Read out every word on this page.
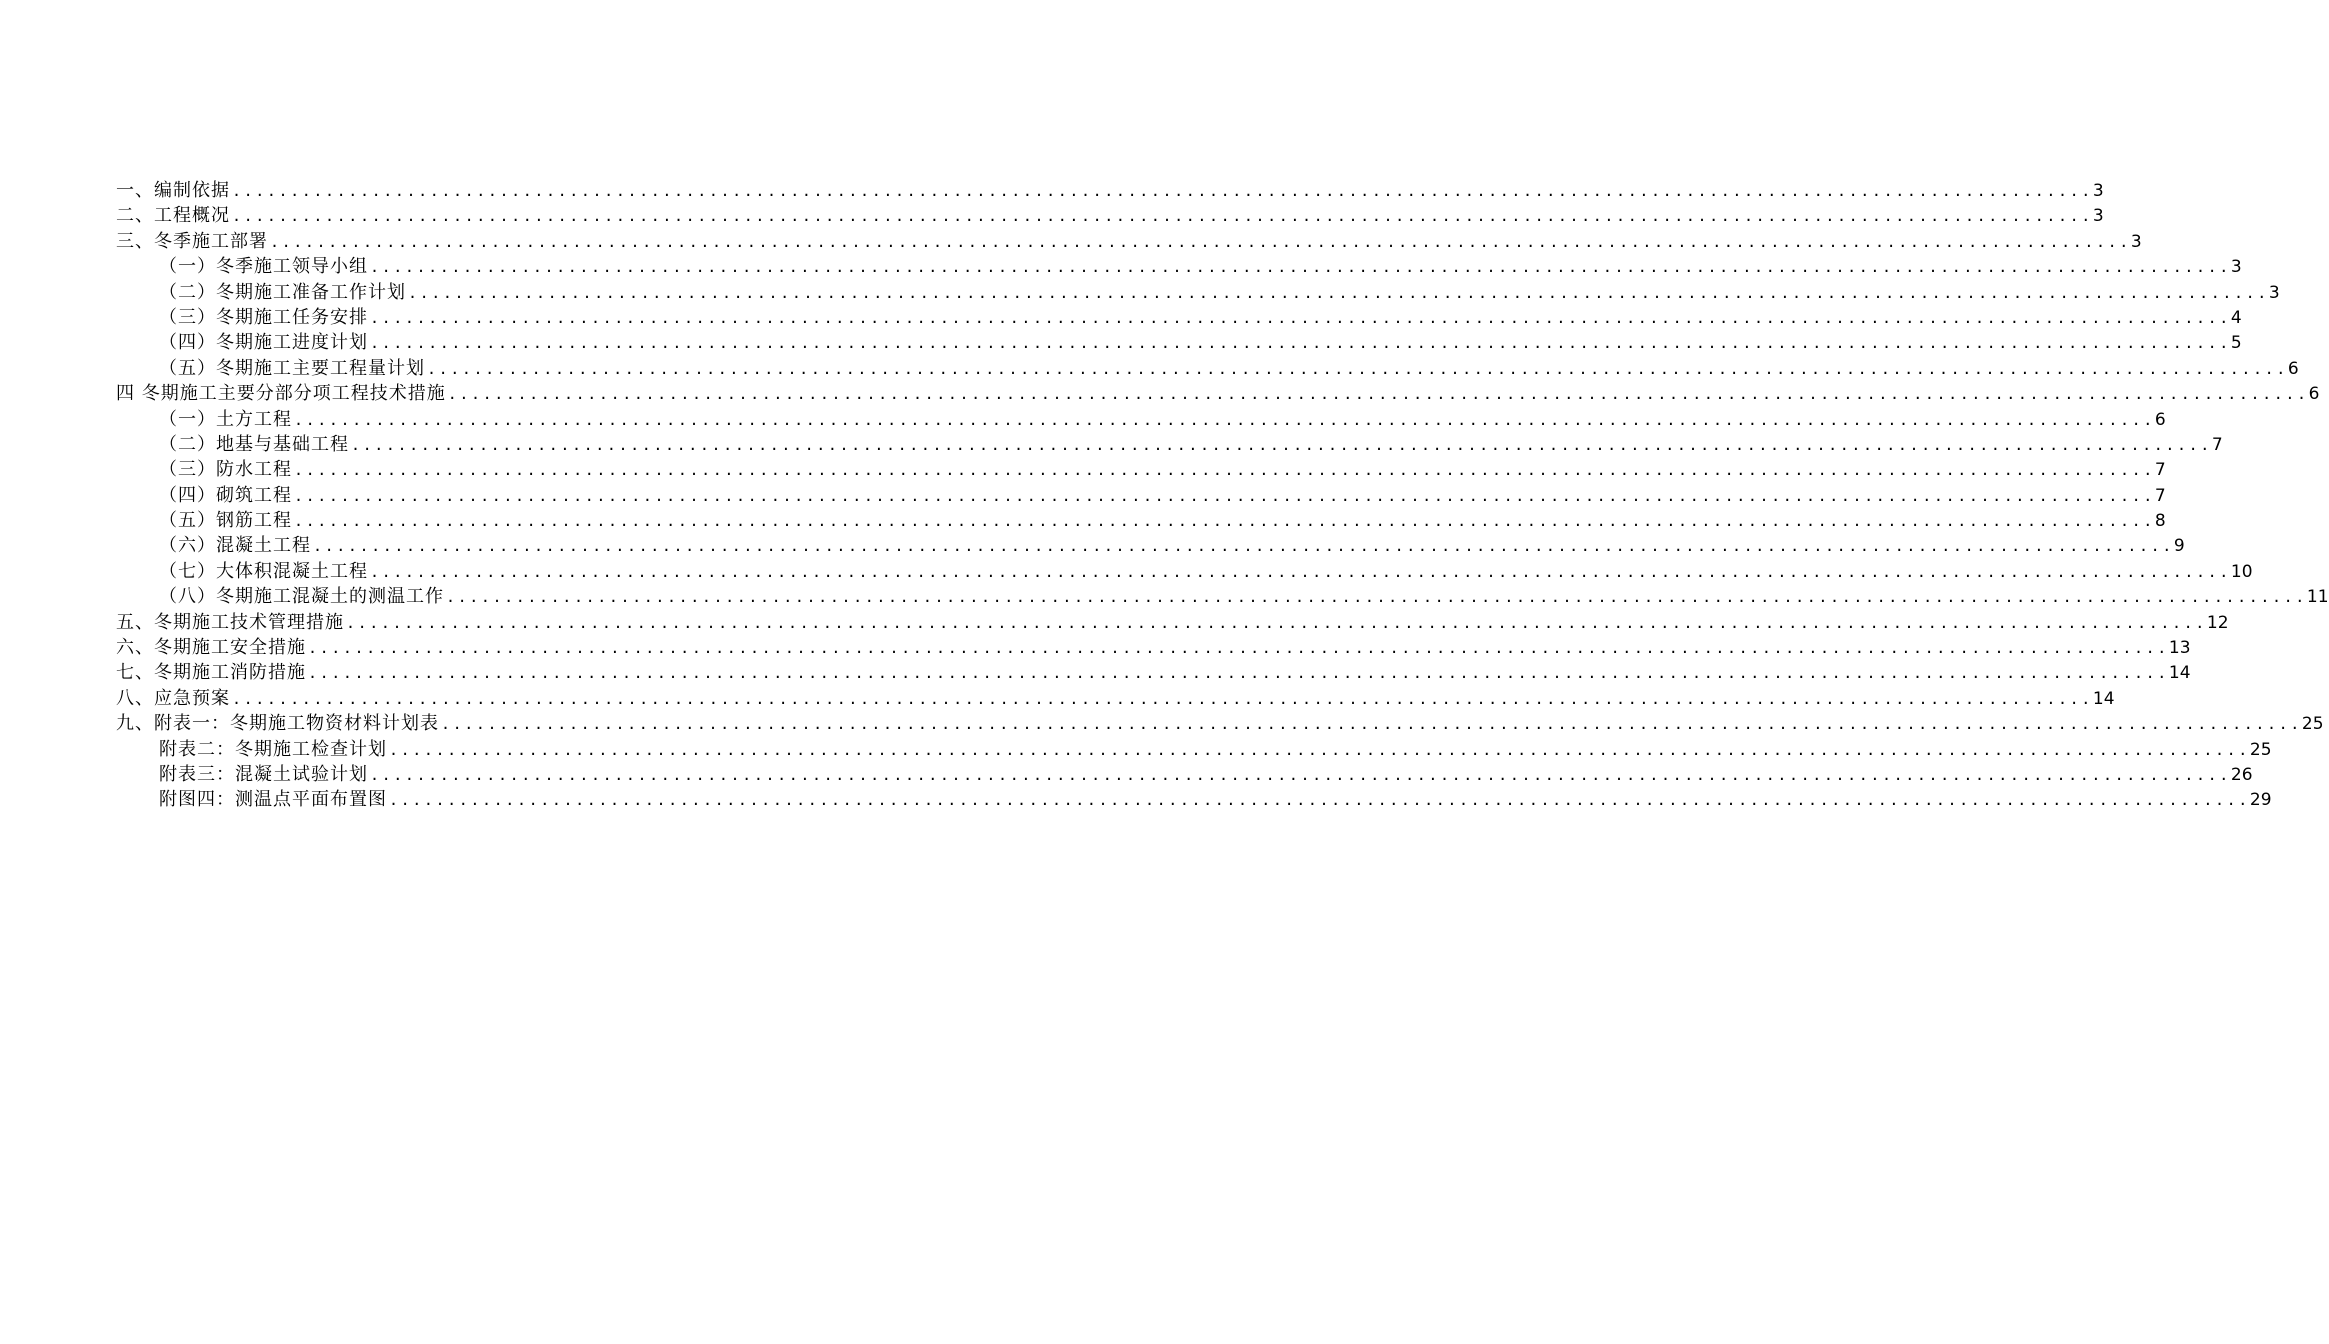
一、编制依据 ................................................................................................................................................................ 3
二、工程概况 ................................................................................................................................................................ 3
三、冬季施工部署 ................................................................................................................................................................ 3
（一）冬季施工领导小组 ................................................................................................................................................................ 3
（二）冬期施工准备工作计划 ................................................................................................................................................................ 3
（三）冬期施工任务安排 ................................................................................................................................................................ 4
（四）冬期施工进度计划 ................................................................................................................................................................ 5
（五）冬期施工主要工程量计划 ................................................................................................................................................................ 6
四 冬期施工主要分部分项工程技术措施 ................................................................................................................................................................ 6
（一）土方工程 ................................................................................................................................................................ 6
（二）地基与基础工程 ................................................................................................................................................................ 7
（三）防水工程 ................................................................................................................................................................ 7
（四）砌筑工程 ................................................................................................................................................................ 7
（五）钢筋工程 ................................................................................................................................................................ 8
（六）混凝土工程 ................................................................................................................................................................ 9
（七）大体积混凝土工程 ................................................................................................................................................................ 10
（八）冬期施工混凝土的测温工作 ................................................................................................................................................................ 11
五、冬期施工技术管理措施 ................................................................................................................................................................ 12
六、冬期施工安全措施 ................................................................................................................................................................ 13
七、冬期施工消防措施 ................................................................................................................................................................ 14
八、应急预案 ................................................................................................................................................................ 14
九、附表一：冬期施工物资材料计划表 ................................................................................................................................................................ 25
附表二：冬期施工检查计划 ................................................................................................................................................................ 25
附表三：混凝土试验计划 ................................................................................................................................................................ 26
附图四：测温点平面布置图 ................................................................................................................................................................ 29
